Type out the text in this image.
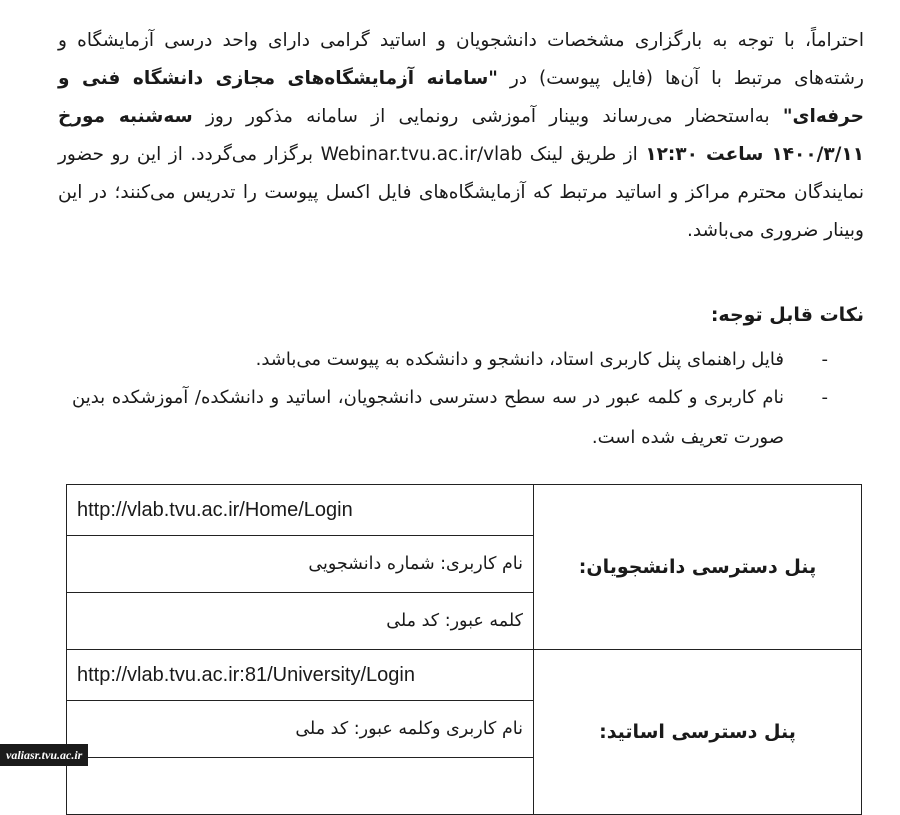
احتراماً، با توجه به بارگزاری مشخصات دانشجویان و اساتید گرامی دارای واحد درسی آزمایشگاه و رشته‌های مرتبط با آن‌ها (فایل پیوست) در "سامانه آزمایشگاه‌های مجازی دانشگاه فنی و حرفه‌ای" به‌استحضار می‌رساند وبینار آموزشی رونمایی از سامانه مذکور روز سه‌شنبه مورخ ۱۴۰۰/۳/۱۱ ساعت ۱۲:۳۰ از طریق لینک Webinar.tvu.ac.ir/vlab برگزار می‌گردد. از این رو حضور نمایندگان محترم مراکز و اساتید مرتبط که آزمایشگاه‌های فایل اکسل پیوست را تدریس می‌کنند؛ در این وبینار ضروری می‌باشد.

نکات قابل توجه:
-
فایل راهنمای پنل کاربری استاد، دانشجو و دانشکده به پیوست می‌باشد.
-
نام کاربری و کلمه عبور در سه سطح دسترسی دانشجویان، اساتید و دانشکده/ آموزشکده بدین صورت تعریف شده است.
http://vlab.tvu.ac.ir/Home/Login	پنل دسترسی دانشجویان:
نام کاربری: شماره دانشجویی	
کلمه عبور: کد ملی	
http://vlab.tvu.ac.ir:81/University/Login	پنل دسترسی اساتید:
نام کاربری وکلمه عبور: کد ملی	

valiasr.tvu.ac.ir
